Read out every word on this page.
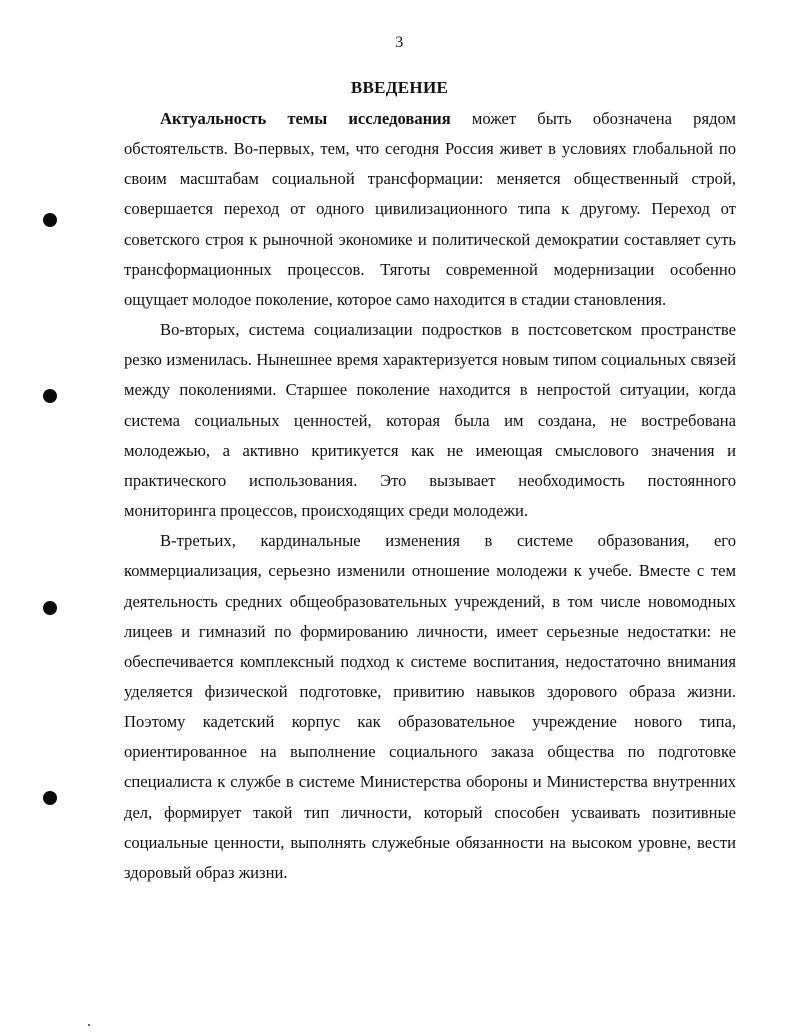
3
ВВЕДЕНИЕ

Актуальность темы исследования может быть обозначена рядом обстоятельств. Во-первых, тем, что сегодня Россия живет в условиях глобальной по своим масштабам социальной трансформации: меняется общественный строй, совершается переход от одного цивилизационного типа к другому. Переход от советского строя к рыночной экономике и политической демократии составляет суть трансформационных процессов. Тяготы современной модернизации особенно ощущает молодое поколение, которое само находится в стадии становления.

Во-вторых, система социализации подростков в постсоветском пространстве резко изменилась. Нынешнее время характеризуется новым типом социальных связей между поколениями. Старшее поколение находится в непростой ситуации, когда система социальных ценностей, которая была им создана, не востребована молодежью, а активно критикуется как не имеющая смыслового значения и практического использования. Это вызывает необходимость постоянного мониторинга процессов, происходящих среди молодежи.

В-третьих, кардинальные изменения в системе образования, его коммерциализация, серьезно изменили отношение молодежи к учебе. Вместе с тем деятельность средних общеобразовательных учреждений, в том числе новомодных лицеев и гимназий по формированию личности, имеет серьезные недостатки: не обеспечивается комплексный подход к системе воспитания, недостаточно внимания уделяется физической подготовке, привитию навыков здорового образа жизни. Поэтому кадетский корпус как образовательное учреждение нового типа, ориентированное на выполнение социального заказа общества по подготовке специалиста к службе в системе Министерства обороны и Министерства внутренних дел, формирует такой тип личности, который способен усваивать позитивные социальные ценности, выполнять служебные обязанности на высоком уровне, вести здоровый образ жизни.
